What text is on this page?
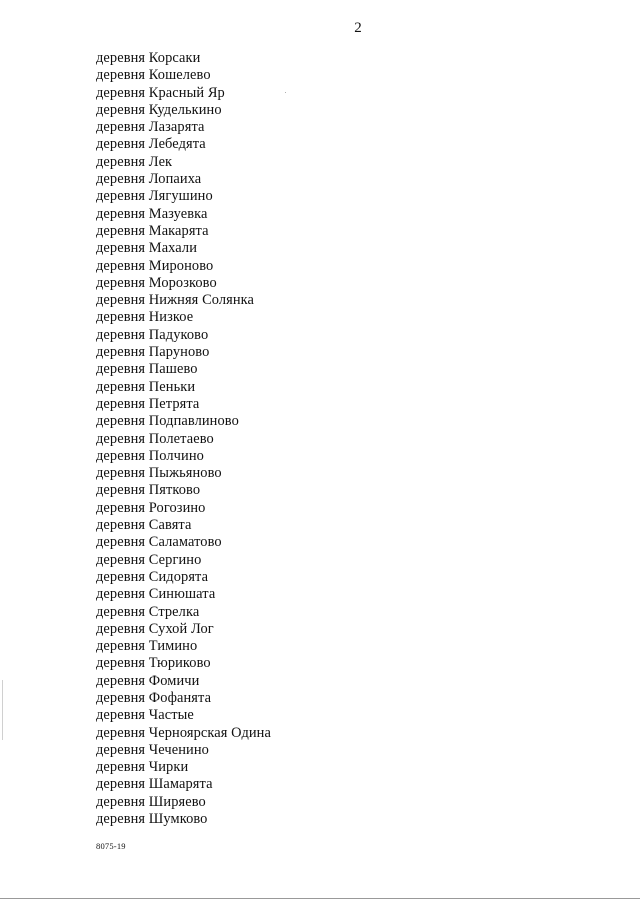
2
деревня Корсаки
деревня Кошелево
деревня Красный Яр
деревня Куделькино
деревня Лазарята
деревня Лебедята
деревня Лек
деревня Лопаиха
деревня Лягушино
деревня Мазуевка
деревня Макарята
деревня Махали
деревня Мироново
деревня Морозково
деревня Нижняя Солянка
деревня Низкое
деревня Падуково
деревня Паруново
деревня Пашево
деревня Пеньки
деревня Петрята
деревня Подпавлиново
деревня Полетаево
деревня Полчино
деревня Пыжьяново
деревня Пятково
деревня Рогозино
деревня Савята
деревня Саламатово
деревня Сергино
деревня Сидорята
деревня Синюшата
деревня Стрелка
деревня Сухой Лог
деревня Тимино
деревня Тюриково
деревня Фомичи
деревня Фофанята
деревня Частые
деревня Черноярская Одина
деревня Чеченино
деревня Чирки
деревня Шамарята
деревня Ширяево
деревня Шумково
8075-19
